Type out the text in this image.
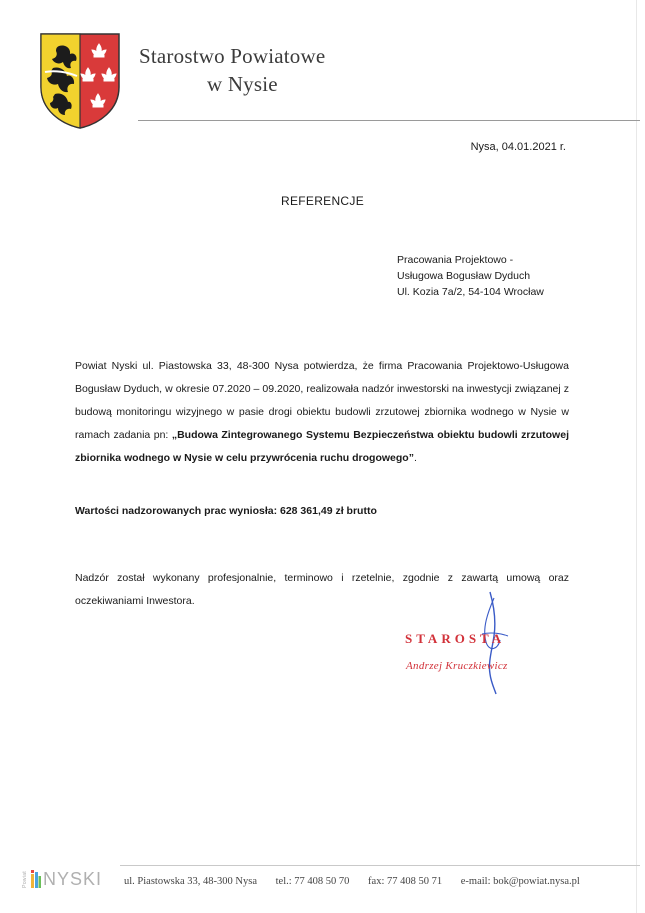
Starostwo Powiatowe
w Nysie
Nysa, 04.01.2021 r.
REFERENCJE
Pracowania Projektowo -
Usługowa Bogusław Dyduch
Ul. Kozia 7a/2, 54-104 Wrocław
Powiat Nyski ul. Piastowska 33, 48-300 Nysa potwierdza, że firma Pracowania Projektowo-Usługowa Bogusław Dyduch, w okresie 07.2020 – 09.2020, realizowała nadzór inwestorski na inwestycji związanej z budową monitoringu wizyjnego w pasie drogi obiektu budowli zrzutowej zbiornika wodnego w Nysie w ramach zadania pn: „Budowa Zintegrowanego Systemu Bezpieczeństwa obiektu budowli zrzutowej zbiornika wodnego w Nysie w celu przywrócenia ruchu drogowego”.
Wartości nadzorowanych prac wyniosła: 628 361,49 zł brutto
Nadzór został wykonany profesjonalnie, terminowo i rzetelnie, zgodnie z zawartą umową oraz oczekiwaniami Inwestora.
STAROSTA
Andrzej Kruczkiewicz
Powiat NYSKI ul. Piastowska 33, 48-300 Nysa tel.: 77 408 50 70 fax: 77 408 50 71 e-mail: bok@powiat.nysa.pl
